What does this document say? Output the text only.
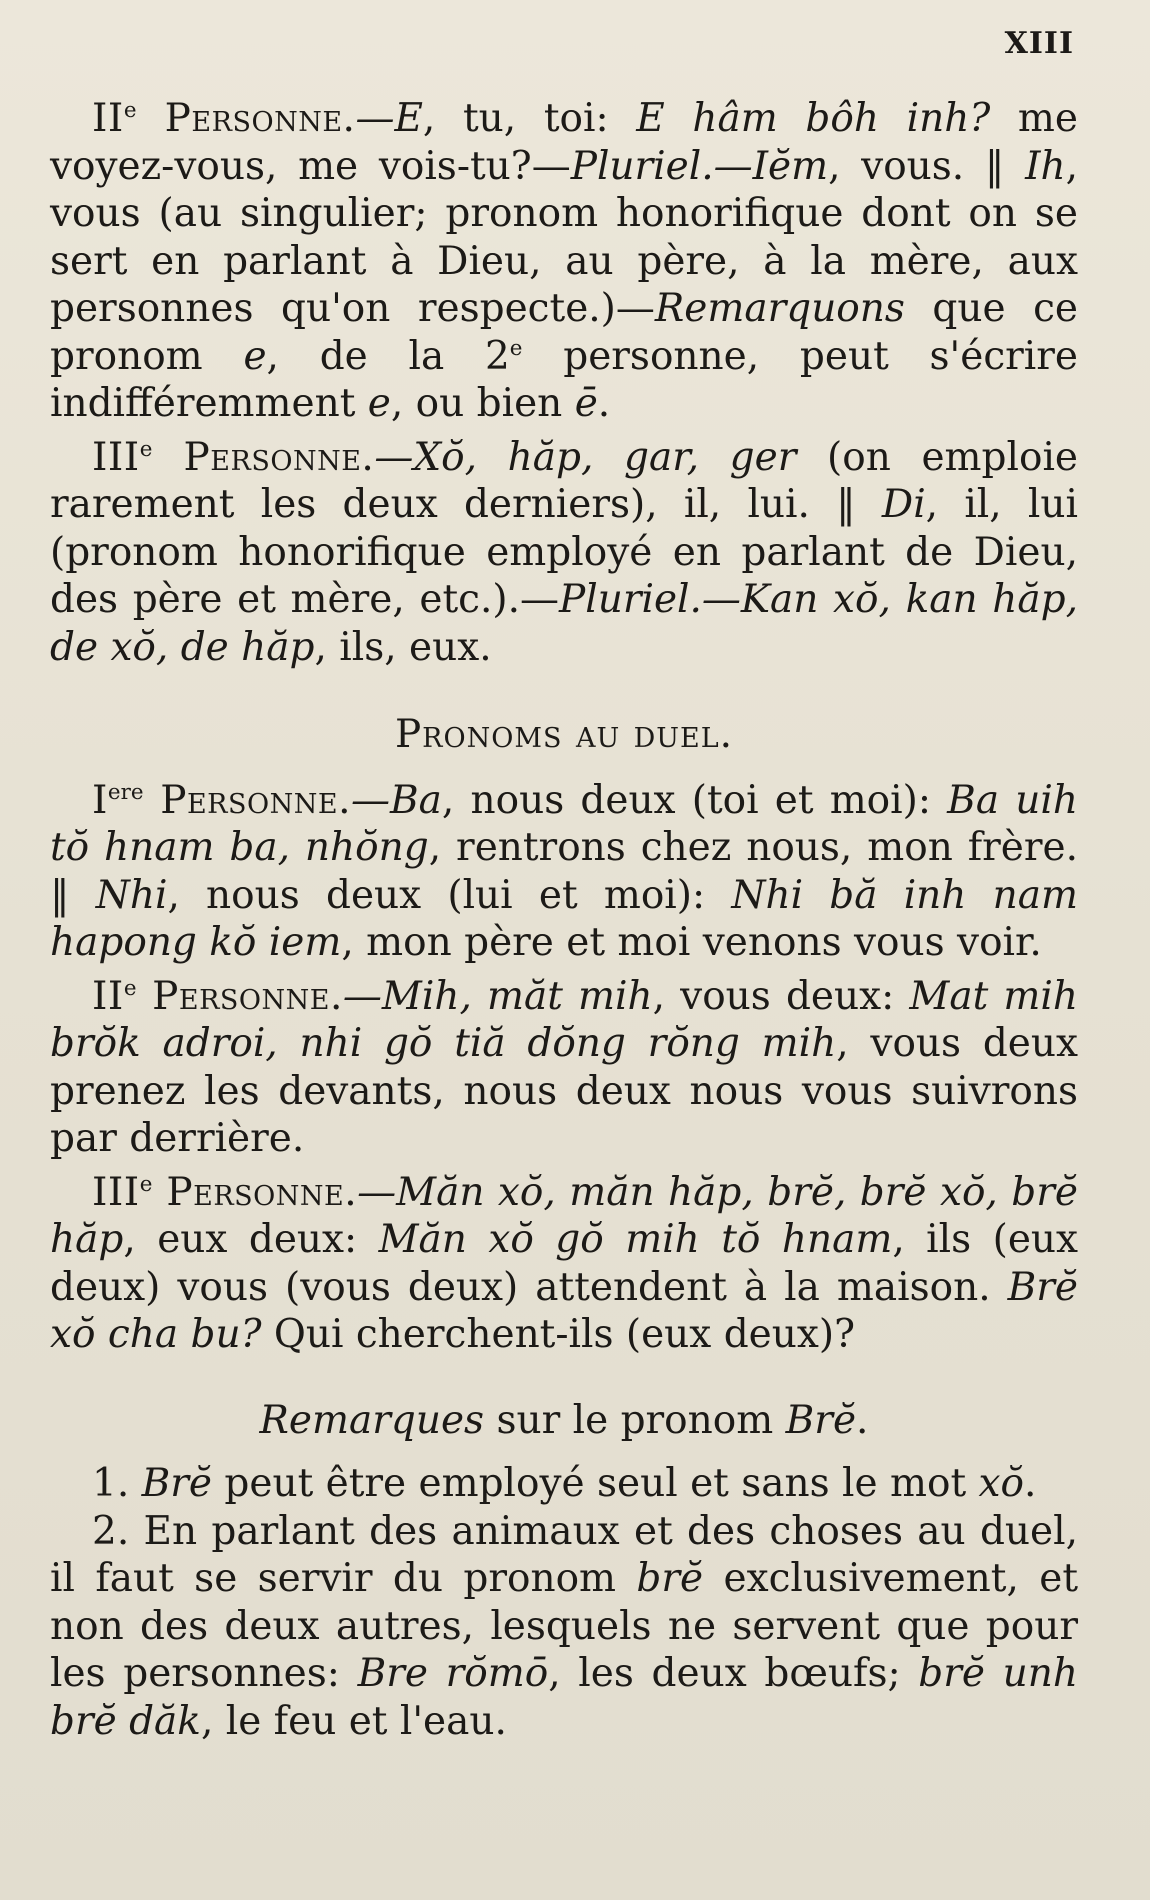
XIII

IIe Personne.—E, tu, toi: E hâm bôh inh? me voyez-vous, me vois-tu?—Pluriel.—Iĕm, vous. ‖ Ih, vous (au singulier; pronom honorifique dont on se sert en parlant à Dieu, au père, à la mère, aux personnes qu'on respecte.)—Remarquons que ce pronom e, de la 2e personne, peut s'écrire indifféremment e, ou bien ē.

IIIe Personne.—Xŏ, hăp, gar, ger (on emploie rarement les deux derniers), il, lui. ‖ Di, il, lui (pronom honorifique employé en parlant de Dieu, des père et mère, etc.).—Pluriel.—Kan xŏ, kan hăp, de xŏ, de hăp, ils, eux.

Pronoms au duel.

Iere Personne.—Ba, nous deux (toi et moi): Ba uih tŏ hnam ba, nhŏng, rentrons chez nous, mon frère. ‖ Nhi, nous deux (lui et moi): Nhi bă inh nam hapong kŏ iem, mon père et moi venons vous voir.

IIe Personne.—Mih, măt mih, vous deux: Mat mih brŏk adroi, nhi gŏ tiă dŏng rŏng mih, vous deux prenez les devants, nous deux nous vous suivrons par derrière.

IIIe Personne.—Măn xŏ, măn hăp, brĕ, brĕ xŏ, brĕ hăp, eux deux: Măn xŏ gŏ mih tŏ hnam, ils (eux deux) vous (vous deux) attendent à la maison. Brĕ xŏ cha bu? Qui cherchent-ils (eux deux)?

Remarques sur le pronom Brĕ.

1. Brĕ peut être employé seul et sans le mot xŏ.

2. En parlant des animaux et des choses au duel, il faut se servir du pronom brĕ exclusivement, et non des deux autres, lesquels ne servent que pour les personnes: Bre rŏmō, les deux bœufs; brĕ unh brĕ dăk, le feu et l'eau.
